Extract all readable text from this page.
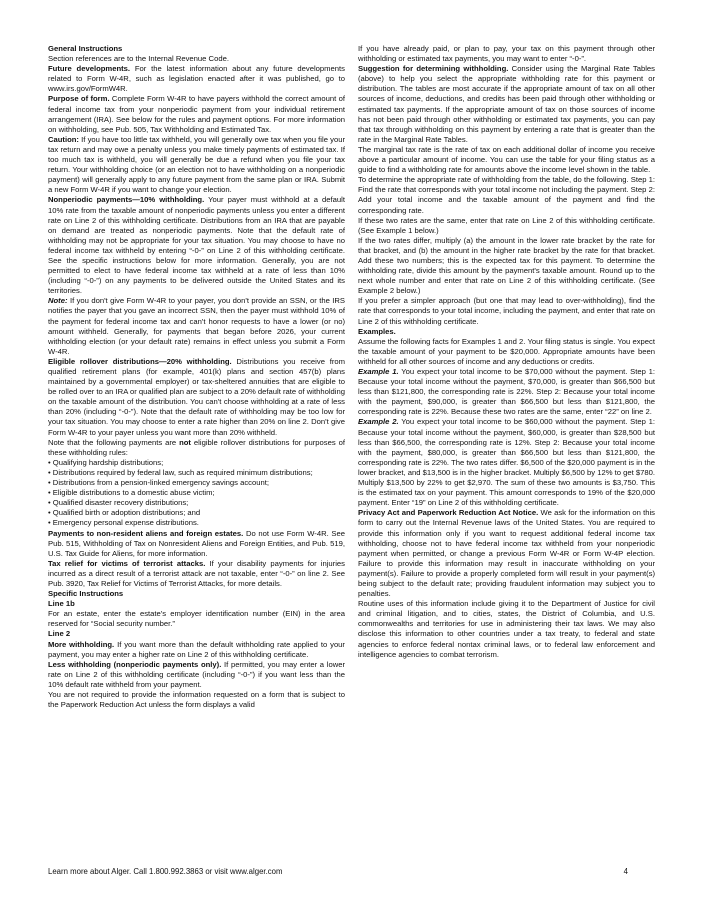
General Instructions

Section references are to the Internal Revenue Code.

Future developments. For the latest information about any future developments related to Form W-4R, such as legislation enacted after it was published, go to www.irs.gov/FormW4R.

Purpose of form. Complete Form W-4R to have payers withhold the correct amount of federal income tax from your nonperiodic payment from your individual retirement arrangement (IRA). See below for the rules and payment options. For more information on withholding, see Pub. 505, Tax Withholding and Estimated Tax.

Caution: If you have too little tax withheld, you will generally owe tax when you file your tax return and may owe a penalty unless you make timely payments of estimated tax. If too much tax is withheld, you will generally be due a refund when you file your tax return. Your withholding choice (or an election not to have withholding on a nonperiodic payment) will generally apply to any future payment from the same plan or IRA. Submit a new Form W-4R if you want to change your election.

Nonperiodic payments—10% withholding. Your payer must withhold at a default 10% rate from the taxable amount of nonperiodic payments unless you enter a different rate on Line 2 of this withholding certificate. Distributions from an IRA that are payable on demand are treated as nonperiodic payments. Note that the default rate of withholding may not be appropriate for your tax situation. You may choose to have no federal income tax withheld by entering “-0-” on Line 2 of this withholding certificate. See the specific instructions below for more information. Generally, you are not permitted to elect to have federal income tax withheld at a rate of less than 10% (including “-0-”) on any payments to be delivered outside the United States and its territories.

Note: If you don't give Form W-4R to your payer, you don't provide an SSN, or the IRS notifies the payer that you gave an incorrect SSN, then the payer must withhold 10% of the payment for federal income tax and can't honor requests to have a lower (or no) amount withheld. Generally, for payments that began before 2026, your current withholding election (or your default rate) remains in effect unless you submit a Form W-4R.

Eligible rollover distributions—20% withholding. Distributions you receive from qualified retirement plans (for example, 401(k) plans and section 457(b) plans maintained by a governmental employer) or tax-sheltered annuities that are eligible to be rolled over to an IRA or qualified plan are subject to a 20% default rate of withholding on the taxable amount of the distribution. You can't choose withholding at a rate of less than 20% (including “-0-”). Note that the default rate of withholding may be too low for your tax situation. You may choose to enter a rate higher than 20% on line 2. Don't give Form W-4R to your payer unless you want more than 20% withheld.

Note that the following payments are not eligible rollover distributions for purposes of these withholding rules:

• Qualifying hardship distributions;

• Distributions required by federal law, such as required minimum distributions;

• Distributions from a pension-linked emergency savings account;

• Eligible distributions to a domestic abuse victim;

• Qualified disaster recovery distributions;

• Qualified birth or adoption distributions; and

• Emergency personal expense distributions.

Payments to non-resident aliens and foreign estates. Do not use Form W-4R. See Pub. 515, Withholding of Tax on Nonresident Aliens and Foreign Entities, and Pub. 519, U.S. Tax Guide for Aliens, for more information.

Tax relief for victims of terrorist attacks. If your disability payments for injuries incurred as a direct result of a terrorist attack are not taxable, enter “-0-” on line 2. See Pub. 3920, Tax Relief for Victims of Terrorist Attacks, for more details.

Specific Instructions

Line 1b

For an estate, enter the estate's employer identification number (EIN) in the area reserved for “Social security number.”

Line 2

More withholding. If you want more than the default withholding rate applied to your payment, you may enter a higher rate on Line 2 of this withholding certificate.

Less withholding (nonperiodic payments only). If permitted, you may enter a lower rate on Line 2 of this withholding certificate (including “-0-”) if you want less than the 10% default rate withheld from your payment.

You are not required to provide the information requested on a form that is subject to the Paperwork Reduction Act unless the form displays a valid

If you have already paid, or plan to pay, your tax on this payment through other withholding or estimated tax payments, you may want to enter “-0-”.

Suggestion for determining withholding. Consider using the Marginal Rate Tables (above) to help you select the appropriate withholding rate for this payment or distribution. The tables are most accurate if the appropriate amount of tax on all other sources of income, deductions, and credits has been paid through other withholding or estimated tax payments. If the appropriate amount of tax on those sources of income has not been paid through other withholding or estimated tax payments, you can pay that tax through withholding on this payment by entering a rate that is greater than the rate in the Marginal Rate Tables.

The marginal tax rate is the rate of tax on each additional dollar of income you receive above a particular amount of income. You can use the table for your filing status as a guide to find a withholding rate for amounts above the income level shown in the table.

To determine the appropriate rate of withholding from the table, do the following. Step 1: Find the rate that corresponds with your total income not including the payment. Step 2: Add your total income and the taxable amount of the payment and find the corresponding rate.

If these two rates are the same, enter that rate on Line 2 of this withholding certificate. (See Example 1 below.)

If the two rates differ, multiply (a) the amount in the lower rate bracket by the rate for that bracket, and (b) the amount in the higher rate bracket by the rate for that bracket. Add these two numbers; this is the expected tax for this payment. To determine the withholding rate, divide this amount by the payment's taxable amount. Round up to the next whole number and enter that rate on Line 2 of this withholding certificate. (See Example 2 below.)

If you prefer a simpler approach (but one that may lead to over-withholding), find the rate that corresponds to your total income, including the payment, and enter that rate on Line 2 of this withholding certificate.

Examples.

Assume the following facts for Examples 1 and 2. Your filing status is single. You expect the taxable amount of your payment to be $20,000. Appropriate amounts have been withheld for all other sources of income and any deductions or credits.

Example 1. You expect your total income to be $70,000 without the payment. Step 1: Because your total income without the payment, $70,000, is greater than $66,500 but less than $121,800, the corresponding rate is 22%. Step 2: Because your total income with the payment, $90,000, is greater than $66,500 but less than $121,800, the corresponding rate is 22%. Because these two rates are the same, enter “22” on line 2.

Example 2. You expect your total income to be $60,000 without the payment. Step 1: Because your total income without the payment, $60,000, is greater than $28,500 but less than $66,500, the corresponding rate is 12%. Step 2: Because your total income with the payment, $80,000, is greater than $66,500 but less than $121,800, the corresponding rate is 22%. The two rates differ. $6,500 of the $20,000 payment is in the lower bracket, and $13,500 is in the higher bracket. Multiply $6,500 by 12% to get $780. Multiply $13,500 by 22% to get $2,970. The sum of these two amounts is $3,750. This is the estimated tax on your payment. This amount corresponds to 19% of the $20,000 payment. Enter “19” on Line 2 of this withholding certificate.

Privacy Act and Paperwork Reduction Act Notice. We ask for the information on this form to carry out the Internal Revenue laws of the United States. You are required to provide this information only if you want to request additional federal income tax withholding, choose not to have federal income tax withheld from your nonperiodic payment when permitted, or change a previous Form W-4R or Form W-4P election. Failure to provide this information may result in inaccurate withholding on your payment(s). Failure to provide a properly completed form will result in your payment(s) being subject to the default rate; providing fraudulent information may subject you to penalties.

Routine uses of this information include giving it to the Department of Justice for civil and criminal litigation, and to cities, states, the District of Columbia, and U.S. commonwealths and territories for use in administering their tax laws. We may also disclose this information to other countries under a tax treaty, to federal and state agencies to enforce federal nontax criminal laws, or to federal law enforcement and intelligence agencies to combat terrorism.

Learn more about Alger. Call 1.800.992.3863 or visit www.alger.com	4
